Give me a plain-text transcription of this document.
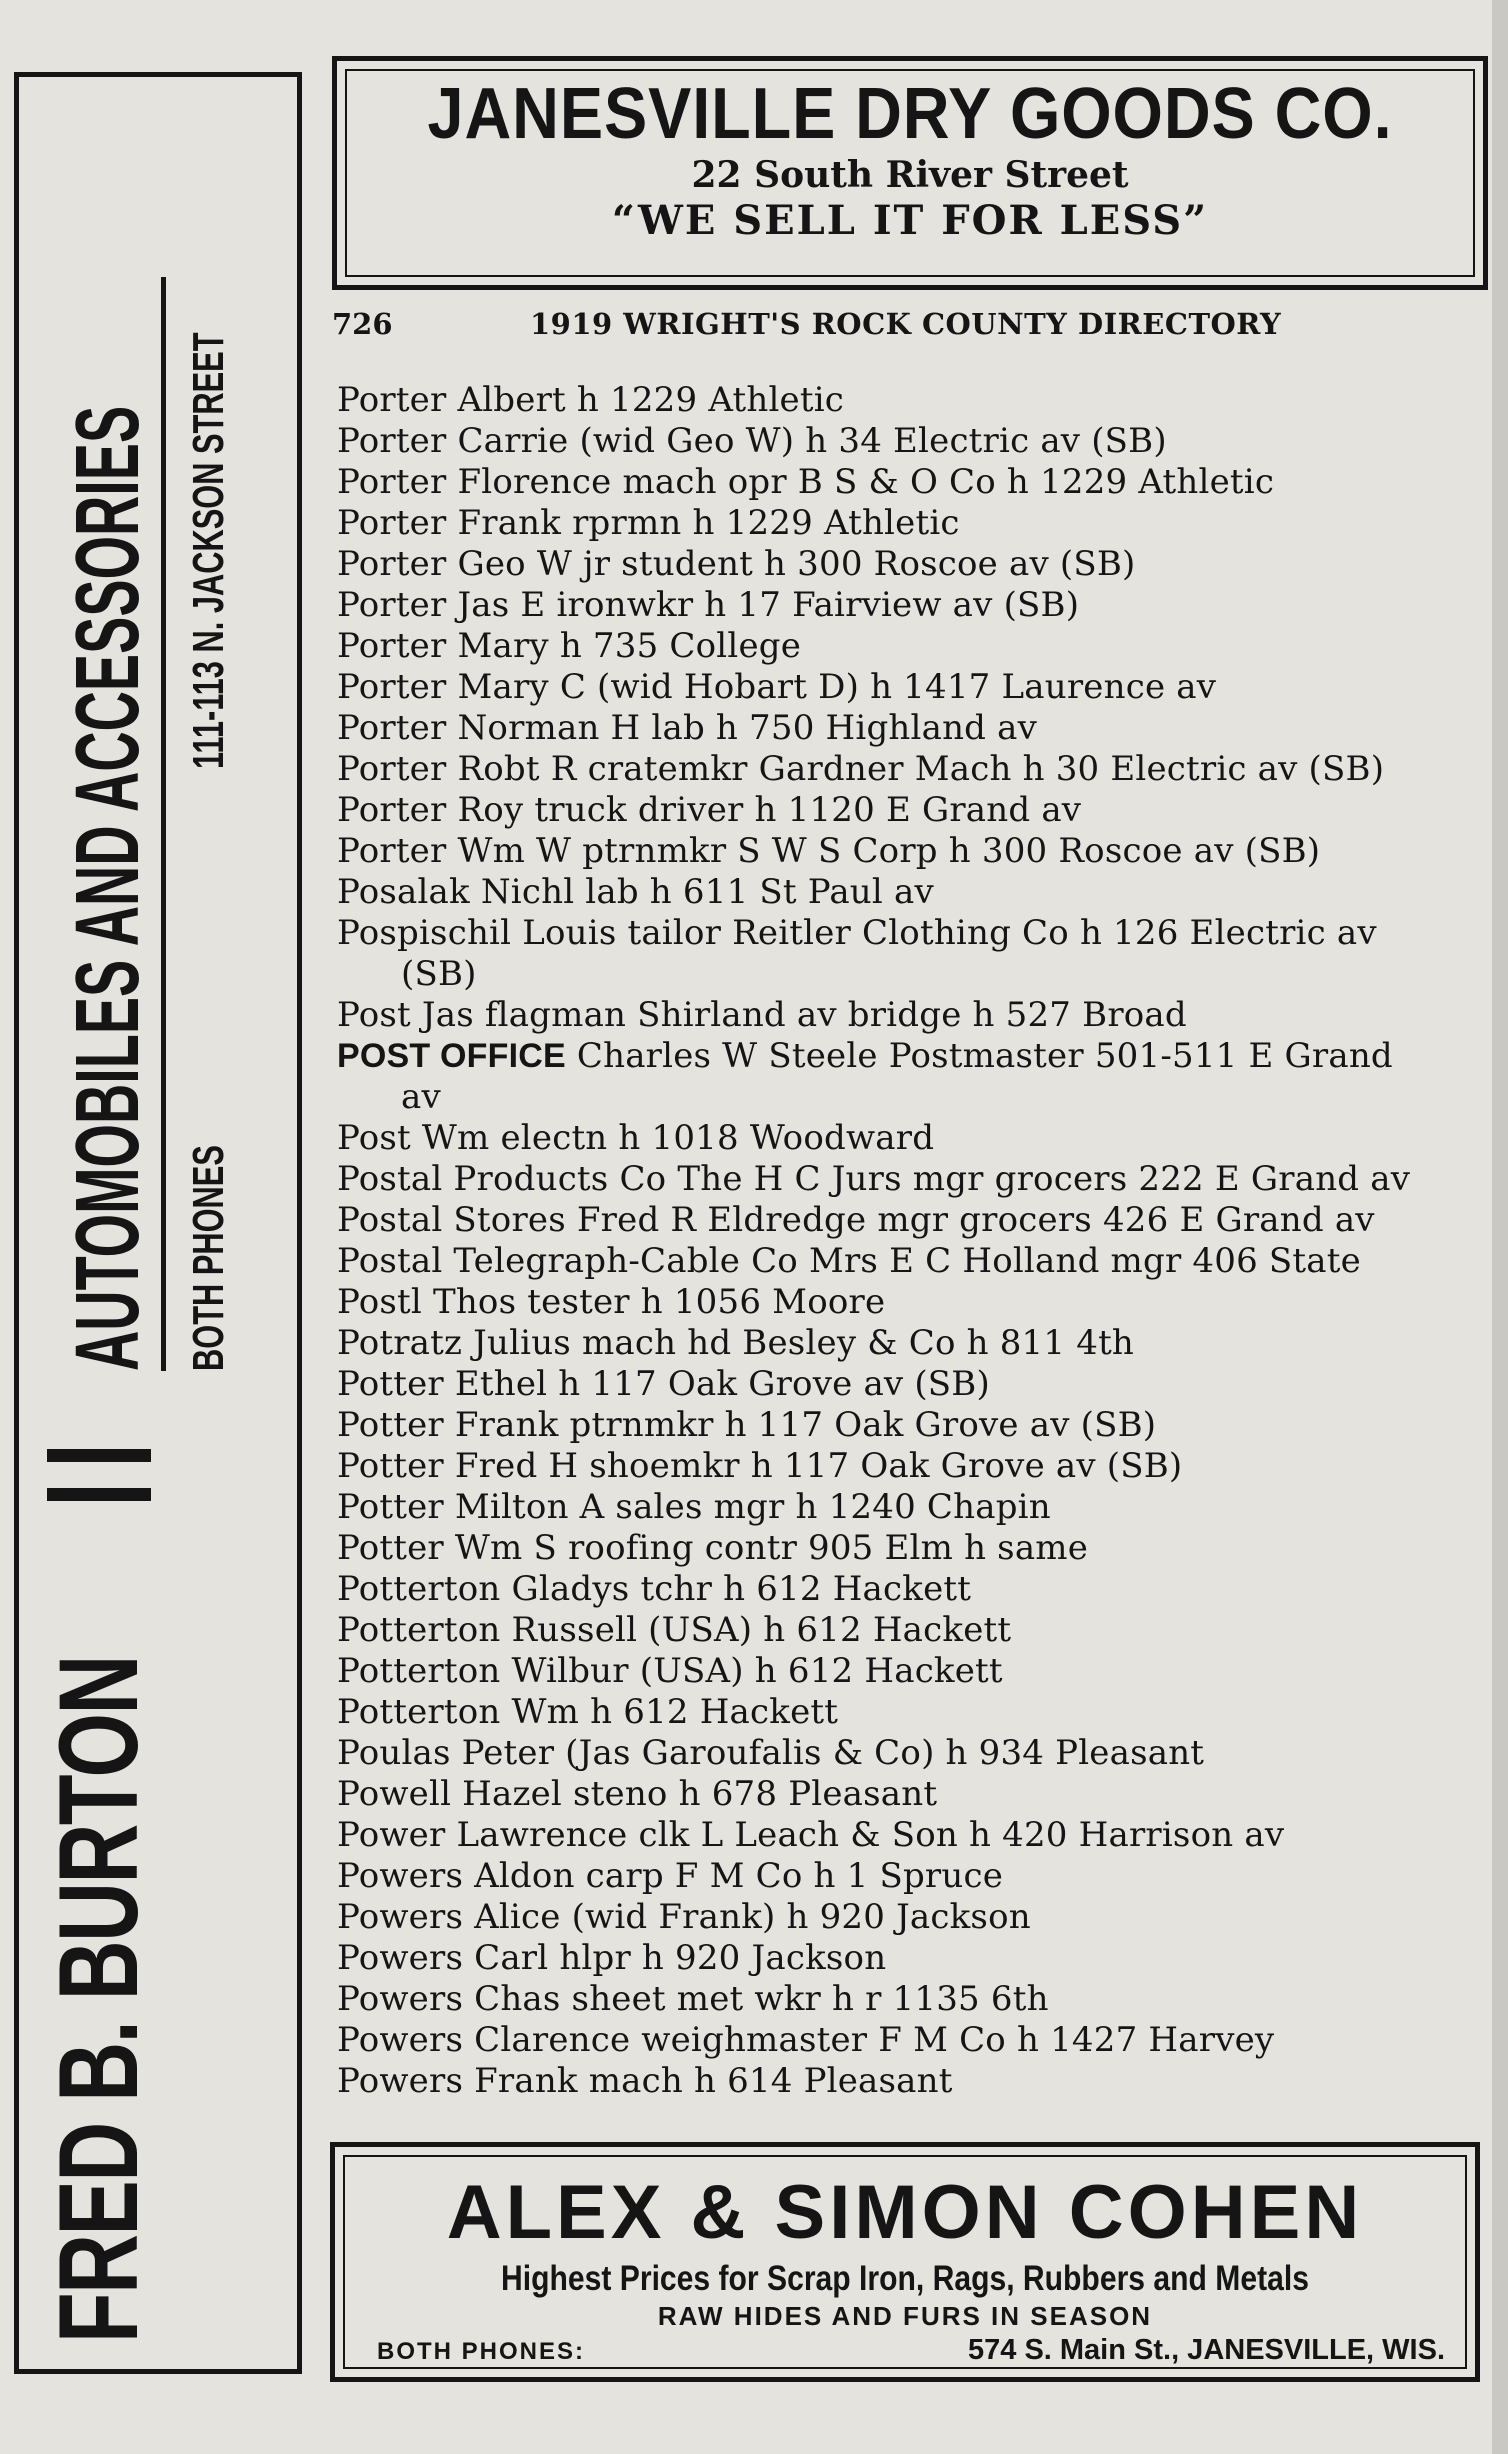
FRED B. BURTON
AUTOMOBILES AND ACCESSORIES BOTH PHONES
111-113 N. JACKSON STREET
JANESVILLE DRY GOODS CO.
22 South River Street
“WE SELL IT FOR LESS”
726	1919 WRIGHT'S ROCK COUNTY DIRECTORY
Porter Albert h 1229 Athletic
Porter Carrie (wid Geo W) h 34 Electric av (SB)
Porter Florence mach opr B S & O Co h 1229 Athletic
Porter Frank rprmn h 1229 Athletic
Porter Geo W jr student h 300 Roscoe av (SB)
Porter Jas E ironwkr h 17 Fairview av (SB)
Porter Mary h 735 College
Porter Mary C (wid Hobart D) h 1417 Laurence av
Porter Norman H lab h 750 Highland av
Porter Robt R cratemkr Gardner Mach h 30 Electric av (SB)
Porter Roy truck driver h 1120 E Grand av
Porter Wm W ptrnmkr S W S Corp h 300 Roscoe av (SB)
Posalak Nichl lab h 611 St Paul av
Pospischil Louis tailor Reitler Clothing Co h 126 Electric av
(SB)
Post Jas flagman Shirland av bridge h 527 Broad
POST OFFICE Charles W Steele Postmaster 501-511 E Grand
av
Post Wm electn h 1018 Woodward
Postal Products Co The H C Jurs mgr grocers 222 E Grand av
Postal Stores Fred R Eldredge mgr grocers 426 E Grand av
Postal Telegraph-Cable Co Mrs E C Holland mgr 406 State
Postl Thos tester h 1056 Moore
Potratz Julius mach hd Besley & Co h 811 4th
Potter Ethel h 117 Oak Grove av (SB)
Potter Frank ptrnmkr h 117 Oak Grove av (SB)
Potter Fred H shoemkr h 117 Oak Grove av (SB)
Potter Milton A sales mgr h 1240 Chapin
Potter Wm S roofing contr 905 Elm h same
Potterton Gladys tchr h 612 Hackett
Potterton Russell (USA) h 612 Hackett
Potterton Wilbur (USA) h 612 Hackett
Potterton Wm h 612 Hackett
Poulas Peter (Jas Garoufalis & Co) h 934 Pleasant
Powell Hazel steno h 678 Pleasant
Power Lawrence clk L Leach & Son h 420 Harrison av
Powers Aldon carp F M Co h 1 Spruce
Powers Alice (wid Frank) h 920 Jackson
Powers Carl hlpr h 920 Jackson
Powers Chas sheet met wkr h r 1135 6th
Powers Clarence weighmaster F M Co h 1427 Harvey
Powers Frank mach h 614 Pleasant
ALEX & SIMON COHEN
Highest Prices for Scrap Iron, Rags, Rubbers and Metals
RAW HIDES AND FURS IN SEASON
BOTH PHONES:	574 S. Main St., JANESVILLE, WIS.
